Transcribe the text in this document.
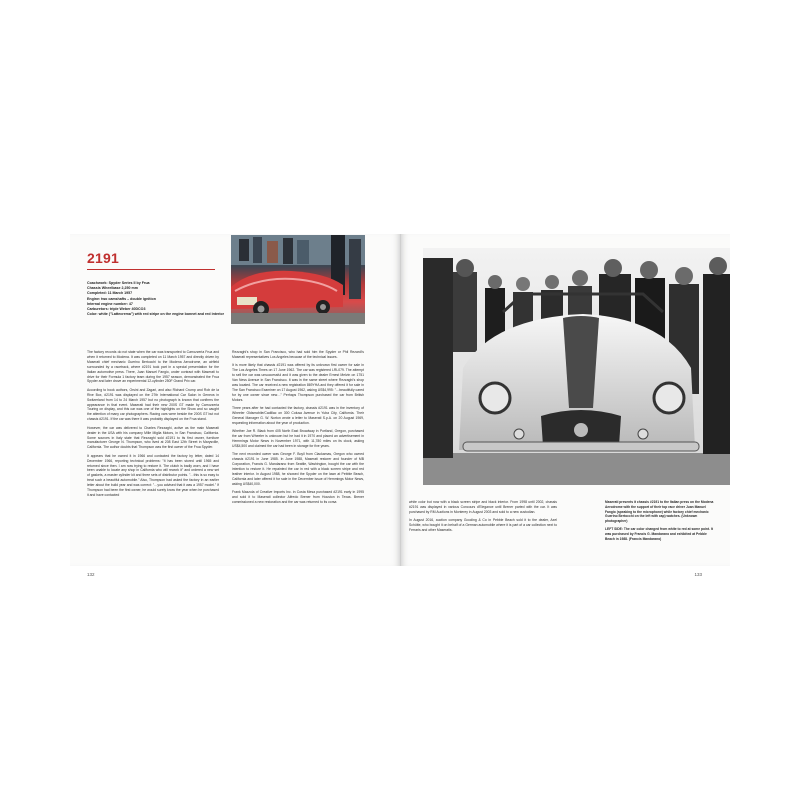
2191
Coachwork: Spyder Series II by Frua
Chassis Wheelbase 2,250 mm
Completed: 11 March 1957
Engine: two camshafts – double ignition
Internal engine number: 47
Carburetors: triple Weber 40DCO3
Color: white ("Lattecrema") with red stripe on the engine bonnet and red interior

The factory records do not state when the car was transported to Carrozzeria Frua and when it returned to Modena. It was completed on 11 March 1957 and directly driven by Maserati chief mechanic Guerino Bertocchi to the Modena Aerodrome, an airfield surrounded by a racetrack, where #2191 took part in a special presentation for the Italian automotive press. There, Juan Manuel Fangio, under contract with Maserati to drive for their Formula 1 factory team during the 1957 season, demonstrated the Frua Spyder and later drove an experimental 12-cylinder 250F Grand Prix car.

According to book authors, Orsini and Zagari, and also Richard Crump and Rob de la Rive Box, #2191 was displayed on the 27th International Car Salon in Geneva in Switzerland from 14 to 24 March 1957 but no photograph is known that confirms the appearance in that event. Maserati had their new 200S GT made by Carrozzeria Touring on display, and this car was one of the highlights on the Show and so caught the attention of many car photographers. Racing cars were beside the 200S GT but not chassis #2191. If the car was there it was probably displayed on the Frua stand.

However, the car was delivered to Charles Rezzaghi, active as the main Maserati dealer in the USA with his company Mille Miglia Motors, in San Francisco, California. Some sources in Italy state that Rezzaghi sold #2191 to its first owner, furniture manufacturer George N. Thompson, who lived at 208 East 12th Street in Marysville, California. The author doubts that Thompson was the first owner of the Frua Spyder.

It appears that he owned it in 1966 and contacted the factory by letter, dated 14 December 1966, reporting technical problems: "It has been stored until 1965 and returned since then. I am now trying to restore it. The clutch is badly worn, and I have been unable to locate any shop in California who will rework it" and ordered a new set of gaskets, a master cylinder kit and three sets of distributor points. "…this is so easy to treat such a beautiful automobile." Also, Thompson had asked the factory in an earlier letter about the build year and was correct: "…you advised that it was a 1957 model." If Thompson had been the first owner, he would surely know the year when he purchased it and have contacted

Rezzaghi's shop in San Francisco, who had sold him the Spyder or Phil Rezardi's Maserati representatives Los Angeles because of the technical issues.

It is more likely that chassis #2191 was offered by its unknown first owner for sale in The Los Angeles Times on 17 June 1962. The car was registered LRL079. The attempt to sell the car was unsuccessful and it was given to the dealer Ernest Melvin on 1751 Van Ness Avenue in San Francisco. It was in the same street where Rezzaghi's shop was located. The car received a new registration 869YHA and they offered it for sale in The San Francisco Examiner on 17 August 1962, asking US$4,995: "…beautifully cared for by one owner since new…" Perhaps Thompson purchased the car from British Motors.

Three years after he had contacted the factory, chassis #2191 was in the inventory of Wheeler Oldsmobile/Cadillac on 300 Colusa Avenue in Yuba City, California. Their General Manager G. W. Norton wrote a letter to Maserati S.p.A. on 20 August 1969, requesting information about the year of production.

Whether Joe R. Black from 405 North East Broadway in Portland, Oregon, purchased the car from Wheeler is unknown but he had it in 1970 and placed an advertisement in Hemmings Motor News in November 1971, with 11,780 miles on its clock, asking US$4,500 and claimed the car had been in storage for five years.

The next recorded owner was George F. Boyll from Clackamas, Oregon who owned chassis #2191 in June 1985. In June 1988, Maserati restorer and founder of MB Corporation, Francis G. Mandarano from Seattle, Washington, bought the car with the intention to restore it. He repainted the car in red with a black screen stripe and red leather interior. In August 1988, he showed the Spyder on the lawn at Pebble Beach, California and later offered it for sale in the December issue of Hemmings Motor News, asking US$40,000.

Frank Mazzola of Creative Imports Inc. in Costa Mesa purchased #2191 early in 1995 and sold it to Maserati collector Alfredo Brener from Houston in Texas. Brener commissioned a new restoration and the car was returned to its corsa	white color but now with a black screen stripe and black interior. From 1998 until 2002, chassis #2191 was displayed in various Concours d'Elegance until Brener parted with the car. It was purchased by RM Auctions in Monterey in August 2003 and sold to a new custodian.

In August 2016, auction company Gooding & Co in Pebble Beach sold it to the dealer, Axel Schütte, who bought it on behalf of a German automobile where it is part of a car collection next to Ferraris and other Maseratis.

Maserati presents it chassis #2191 to the Italian press on the Modena Aerodrome with the support of their top race driver Juan Manuel Fangio (speaking to the microphone) while factory chief mechanic Guerino Bertocchi on the left with cap) watches. (Unknown photographer)

LEFT SIDE: The car color changed from white to red at some point. It was purchased by Francis G. Mandarano and exhibited at Pebble Beach in 1988. (Francis Mandarano)

132	133
